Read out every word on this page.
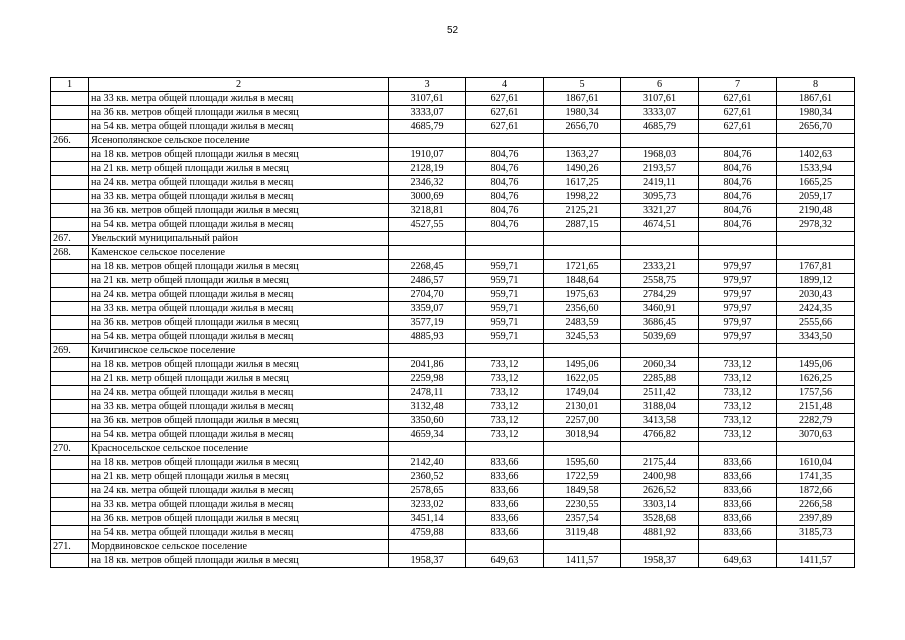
52
1	2	3	4	5	6	7	8
	на 33 кв. метра общей площади жилья в месяц	3107,61	627,61	1867,61	3107,61	627,61	1867,61
	на 36 кв. метров общей площади жилья в месяц	3333,07	627,61	1980,34	3333,07	627,61	1980,34
	на 54 кв. метра общей площади жилья в месяц	4685,79	627,61	2656,70	4685,79	627,61	2656,70
266.	Ясенополянское сельское поселение						
	на 18 кв. метров общей площади жилья в месяц	1910,07	804,76	1363,27	1968,03	804,76	1402,63
	на 21 кв. метр общей площади жилья в месяц	2128,19	804,76	1490,26	2193,57	804,76	1533,94
	на 24 кв. метра общей площади жилья в месяц	2346,32	804,76	1617,25	2419,11	804,76	1665,25
	на 33 кв. метра общей площади жилья в месяц	3000,69	804,76	1998,22	3095,73	804,76	2059,17
	на 36 кв. метров общей площади жилья в месяц	3218,81	804,76	2125,21	3321,27	804,76	2190,48
	на 54 кв. метра общей площади жилья в месяц	4527,55	804,76	2887,15	4674,51	804,76	2978,32
267.	Увельский муниципальный район						
268.	Каменское сельское поселение						
	на 18 кв. метров общей площади жилья в месяц	2268,45	959,71	1721,65	2333,21	979,97	1767,81
	на 21 кв. метр общей площади жилья в месяц	2486,57	959,71	1848,64	2558,75	979,97	1899,12
	на 24 кв. метра общей площади жилья в месяц	2704,70	959,71	1975,63	2784,29	979,97	2030,43
	на 33 кв. метра общей площади жилья в месяц	3359,07	959,71	2356,60	3460,91	979,97	2424,35
	на 36 кв. метров общей площади жилья в месяц	3577,19	959,71	2483,59	3686,45	979,97	2555,66
	на 54 кв. метра общей площади жилья в месяц	4885,93	959,71	3245,53	5039,69	979,97	3343,50
269.	Кичигинское сельское поселение						
	на 18 кв. метров общей площади жилья в месяц	2041,86	733,12	1495,06	2060,34	733,12	1495,06
	на 21 кв. метр общей площади жилья в месяц	2259,98	733,12	1622,05	2285,88	733,12	1626,25
	на 24 кв. метра общей площади жилья в месяц	2478,11	733,12	1749,04	2511,42	733,12	1757,56
	на 33 кв. метра общей площади жилья в месяц	3132,48	733,12	2130,01	3188,04	733,12	2151,48
	на 36 кв. метров общей площади жилья в месяц	3350,60	733,12	2257,00	3413,58	733,12	2282,79
	на 54 кв. метра общей площади жилья в месяц	4659,34	733,12	3018,94	4766,82	733,12	3070,63
270.	Красносельское сельское поселение						
	на 18 кв. метров общей площади жилья в месяц	2142,40	833,66	1595,60	2175,44	833,66	1610,04
	на 21 кв. метр общей площади жилья в месяц	2360,52	833,66	1722,59	2400,98	833,66	1741,35
	на 24 кв. метра общей площади жилья в месяц	2578,65	833,66	1849,58	2626,52	833,66	1872,66
	на 33 кв. метра общей площади жилья в месяц	3233,02	833,66	2230,55	3303,14	833,66	2266,58
	на 36 кв. метров общей площади жилья в месяц	3451,14	833,66	2357,54	3528,68	833,66	2397,89
	на 54 кв. метра общей площади жилья в месяц	4759,88	833,66	3119,48	4881,92	833,66	3185,73
271.	Мордвиновское сельское поселение						
	на 18 кв. метров общей площади жилья в месяц	1958,37	649,63	1411,57	1958,37	649,63	1411,57
